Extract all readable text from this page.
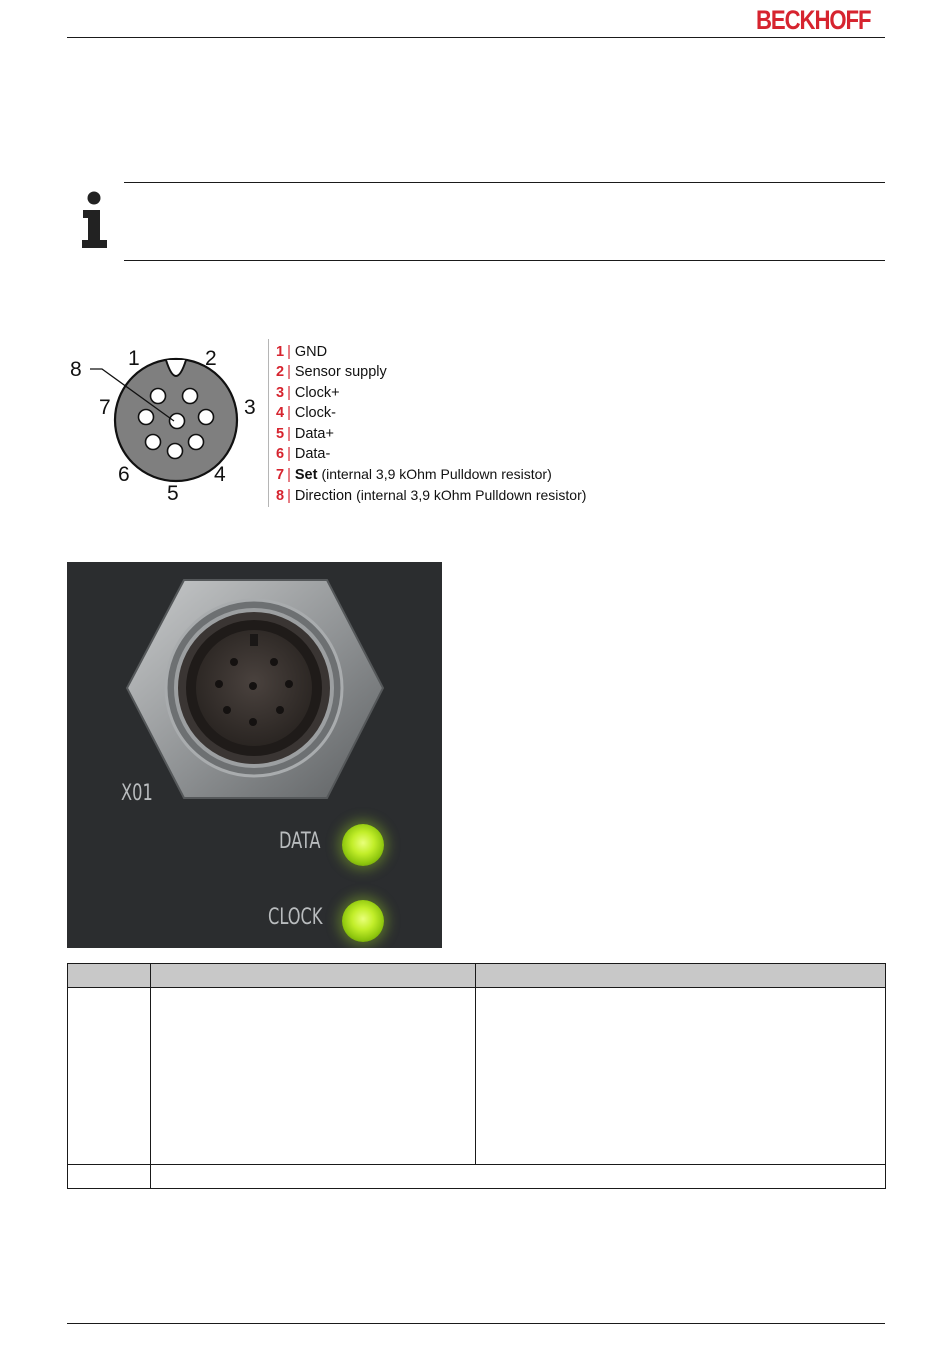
BECKHOFF
1	2
3
4
5
6
7
8
1 | GND
2 | Sensor supply
3 | Clock+
4 | Clock-
5 | Data+
6 | Data-
7 | Set (internal 3,9 kOhm Pulldown resistor)
8 | Direction (internal 3,9 kOhm Pulldown resistor)
X01
DATA
CLOCK
